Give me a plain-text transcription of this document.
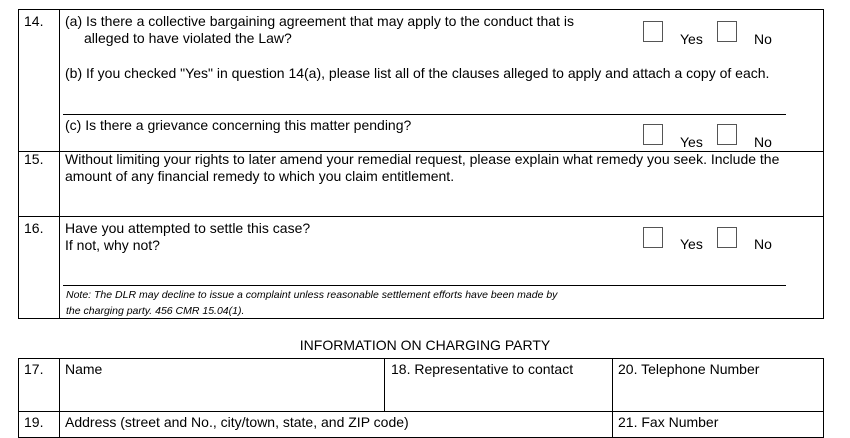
14. (a) Is there a collective bargaining agreement that may apply to the conduct that is
alleged to have violated the Law?	Yes	No
(b) If you checked "Yes" in question 14(a), please list all of the clauses alleged to apply and attach a copy of each.
(c) Is there a grievance concerning this matter pending?
Yes	No
15. Without limiting your rights to later amend your remedial request, please explain what remedy you seek. Include the
amount of any financial remedy to which you claim entitlement.
16. Have you attempted to settle this case?
If not, why not?	Yes	No
Note: The DLR may decline to issue a complaint unless reasonable settlement efforts have been made by
the charging party. 456 CMR 15.04(1).
INFORMATION ON CHARGING PARTY
17. Name	18. Representative to contact	20. Telephone Number
19. Address (street and No., city/town, state, and ZIP code)	21. Fax Number
